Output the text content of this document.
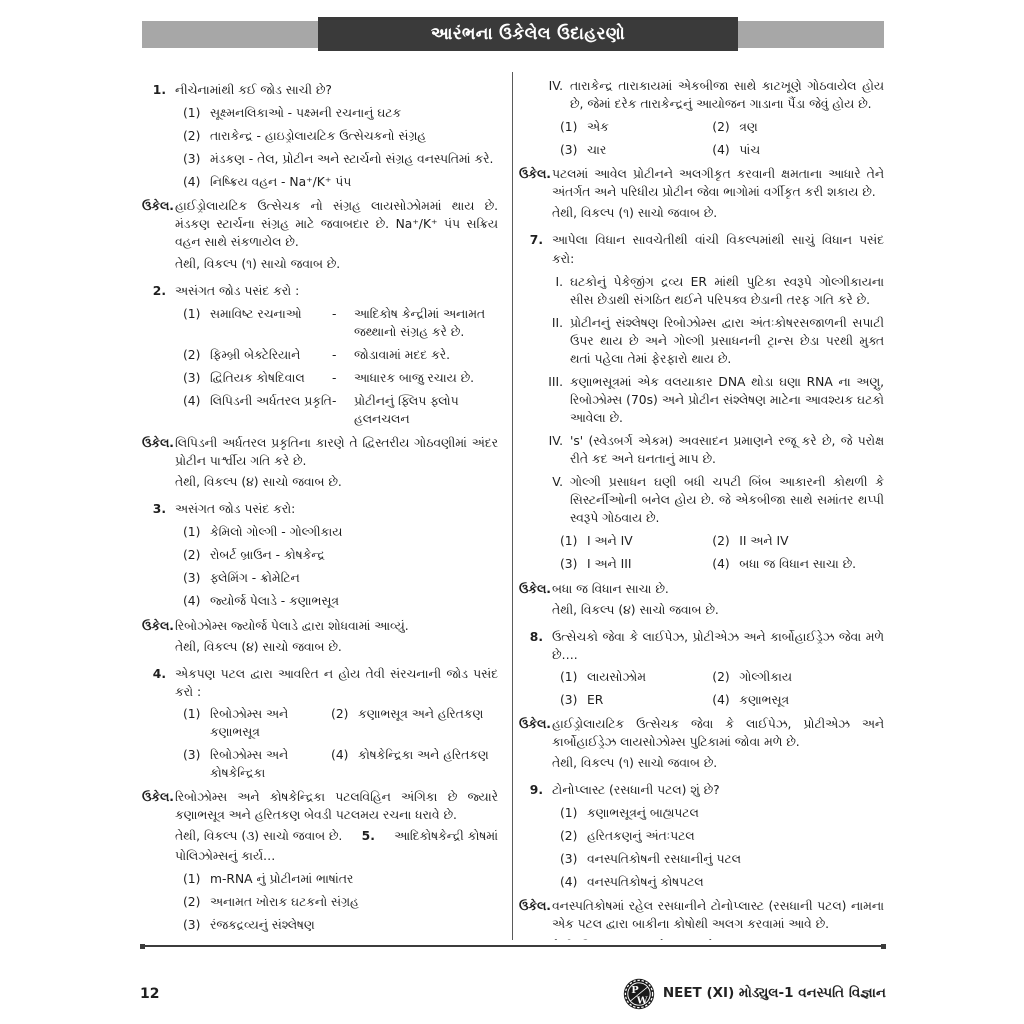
આરંભના ઉકેલેલ ઉદાહરણો
1. નીચેનામાંથી કઈ જોડ સાચી છે?
(1) સૂક્ષ્મનલિકાઓ - પક્ષ્મની રચનાનું ઘટક
(2) તારાકેન્દ્ર - હાઇડ્રોલાયટિક ઉત્સેચકનો સંગ્રહ
(3) મંડકણ - તેલ, પ્રોટીન અને સ્ટાર્ચનો સંગ્રહ વનસ્પતિમાં કરે.
(4) નિષ્ક્રિય વહન - Na⁺/K⁺ પંપ
ઉકેલ. હાઈડ્રોલાયટિક ઉત્સેચક નો સંગ્રહ લાયસોઝોમમાં થાય છે. મંડકણ સ્ટાર્ચના સંગ્રહ માટે જવાબદાર છે. Na⁺/K⁺ પંપ સક્રિય વહન સાથે સંકળાયેલ છે.
તેથી, વિકલ્પ (૧) સાચો જવાબ છે.
2. અસંગત જોડ પસંદ કરો :
(1) સમાવિષ્ટ રચનાઓ	-	આદિકોષ કેન્દ્રીમાં અનામત જથ્થાનો સંગ્રહ કરે છે.
(2) ફિમ્બ્રી બેક્ટેરિયાને	-	જોડાવામાં મદદ કરે.
(3) દ્વિતિયક કોષદિવાલ	-	આધારક બાજુ રચાય છે.
(4) લિપિડની અર્ધતરલ પ્રકૃતિ -	પ્રોટીનનું ફ્લિપ ફ્લોપ હલનચલન
ઉકેલ. લિપિડની અર્ધતરલ પ્રકૃતિના કારણે તે દ્વિસ્તરીય ગોઠવણીમાં અંદર પ્રોટીન પાર્શ્વીય ગતિ કરે છે.
તેથી, વિકલ્પ (૪) સાચો જવાબ છે.
3. અસંગત જોડ પસંદ કરો:
(1) કેમિલો ગોલ્ગી - ગોલ્ગીકાય
(2) રોબર્ટ બ્રાઉન - કોષકેન્દ્ર
(3) ફ્લેમિંગ - ક્રોમેટિન
(4) જ્યોર્જ પેલાડે - કણાભસૂત્ર
ઉકેલ. રિબોઝોમ્સ જ્યોર્જ પેલાડે દ્વારા શોધવામાં આવ્યું.
તેથી, વિકલ્પ (૪) સાચો જવાબ છે.
4. એકપણ પટલ દ્વારા આવરિત ન હોય તેવી સંરચનાની જોડ પસંદ કરો :
(1) રિબોઝોમ્સ અને કણાભસૂત્ર
(2) કણાભસૂત્ર અને હરિતકણ
(3) રિબોઝોમ્સ અને કોષકેન્દ્રિકા
(4) કોષકેન્દ્રિકા અને હરિતકણ
ઉકેલ. રિબોઝોમ્સ અને કોષકેન્દ્રિકા પટલવિહિન અંગિકા છે જ્યારે કણાભસૂત્ર અને હરિતકણ બેવડી પટલમય રચના ધરાવે છે.
તેથી, વિકલ્પ (૩) સાચો જવાબ છે.	5.	આદિકોષકેન્દ્રી કોષમાં
પોલિઝોમ્સનું કાર્ય…
(1) m-RNA નું પ્રોટીનમાં ભાષાંતર
(2) અનામત ખોરાક ઘટકનો સંગ્રહ
(3) રંજકદ્રવ્યનું સંશ્લેષણ
IV. તારાકેન્દ્ર તારાકાયમાં એકબીજા સાથે કાટખૂણે ગોઠવાયેલ હોય છે, જેમાં દરેક તારાકેન્દ્રનું આયોજન ગાડાના પૈંડા જેવું હોય છે.
(1) એક	(2) ત્રણ
(3) ચાર	(4) પાંચ
ઉકેલ. પટલમાં આવેલ પ્રોટીનને અલગીકૃત કરવાની ક્ષમતાના આધારે તેને અંતર્ગત અને પરિધીય પ્રોટીન જેવા ભાગોમાં વર્ગીકૃત કરી શકાય છે.
તેથી, વિકલ્પ (૧) સાચો જવાબ છે.
7. આપેલા વિધાન સાવચેતીથી વાંચી વિકલ્પમાંથી સાચું વિધાન પસંદ કરો:
I. ઘટકોનું પેકેજીંગ દ્રવ્ય ER માંથી પુટિકા સ્વરૂપે ગોલ્ગીકાયના સીસ છેડાથી સંગઠિત થઈને પરિપક્વ છેડાની તરફ ગતિ કરે છે.
II. પ્રોટીનનું સંશ્લેષણ રિબોઝોમ્સ દ્વારા અંતઃકોષરસજાળની સપાટી ઉપર થાય છે અને ગોલ્ગી પ્રસાધનની ટ્રાન્સ છેડા પરથી મુક્ત થતાં પહેલા તેમાં ફેરફારો થાય છે.
III. કણાભસૂત્રમાં એક વલયાકાર DNA થોડા ઘણા RNA ના અણુ, રિબોઝોમ્સ (70s) અને પ્રોટીન સંશ્લેષણ માટેના આવશ્યક ઘટકો આવેલા છે.
IV. 's' (સ્વેડબર્ગ એકમ) અવસાદન પ્રમાણને રજૂ કરે છે, જે પરોક્ષ રીતે કદ અને ઘનતાનું માપ છે.
V. ગોલ્ગી પ્રસાધન ઘણી બધી ચપટી બિંબ આકારની કોથળી કે સિસ્ટર્નીઓની બનેલ હોય છે. જે એકબીજા સાથે સમાંતર થપ્પી સ્વરૂપે ગોઠવાય છે.
(1) I અને IV	(2) II અને IV
(3) I અને III	(4) બધા જ વિધાન સાચા છે.
ઉકેલ. બધા જ વિધાન સાચા છે.
તેથી, વિકલ્પ (૪) સાચો જવાબ છે.
8. ઉત્સેચકો જેવા કે લાઈપેઝ, પ્રોટીએઝ અને કાર્બોહાઈડ્રેઝ જેવા મળે છે….
(1) લાયસોઝોમ	(2) ગોલ્ગીકાય
(3) ER	(4) કણાભસૂત્ર
ઉકેલ. હાઈડ્રોલાયટિક ઉત્સેચક જેવા કે લાઈપેઝ, પ્રોટીએઝ અને કાર્બોહાઈડ્રેઝ લાયસોઝોમ્સ પુટિકામાં જોવા મળે છે.
તેથી, વિકલ્પ (૧) સાચો જવાબ છે.
9. ટોનોપ્લાસ્ટ (રસધાની પટલ) શું છે?
(1) કણાભસૂત્રનું બાહ્યપટલ
(2) હરિતકણનું અંતઃપટલ
(3) વનસ્પતિકોષની રસધાનીનું પટલ
(4) વનસ્પતિકોષનું કોષપટલ
ઉકેલ. વનસ્પતિકોષમાં રહેલ રસધાનીને ટોનોપ્લાસ્ટ (રસધાની પટલ) નામના એક પટલ દ્વારા બાકીના કોષોથી અલગ કરવામાં આવે છે.
12	P
W
NEET (XI) મોડ્યુલ-1 વનસ્પતિ વિજ્ઞાન
